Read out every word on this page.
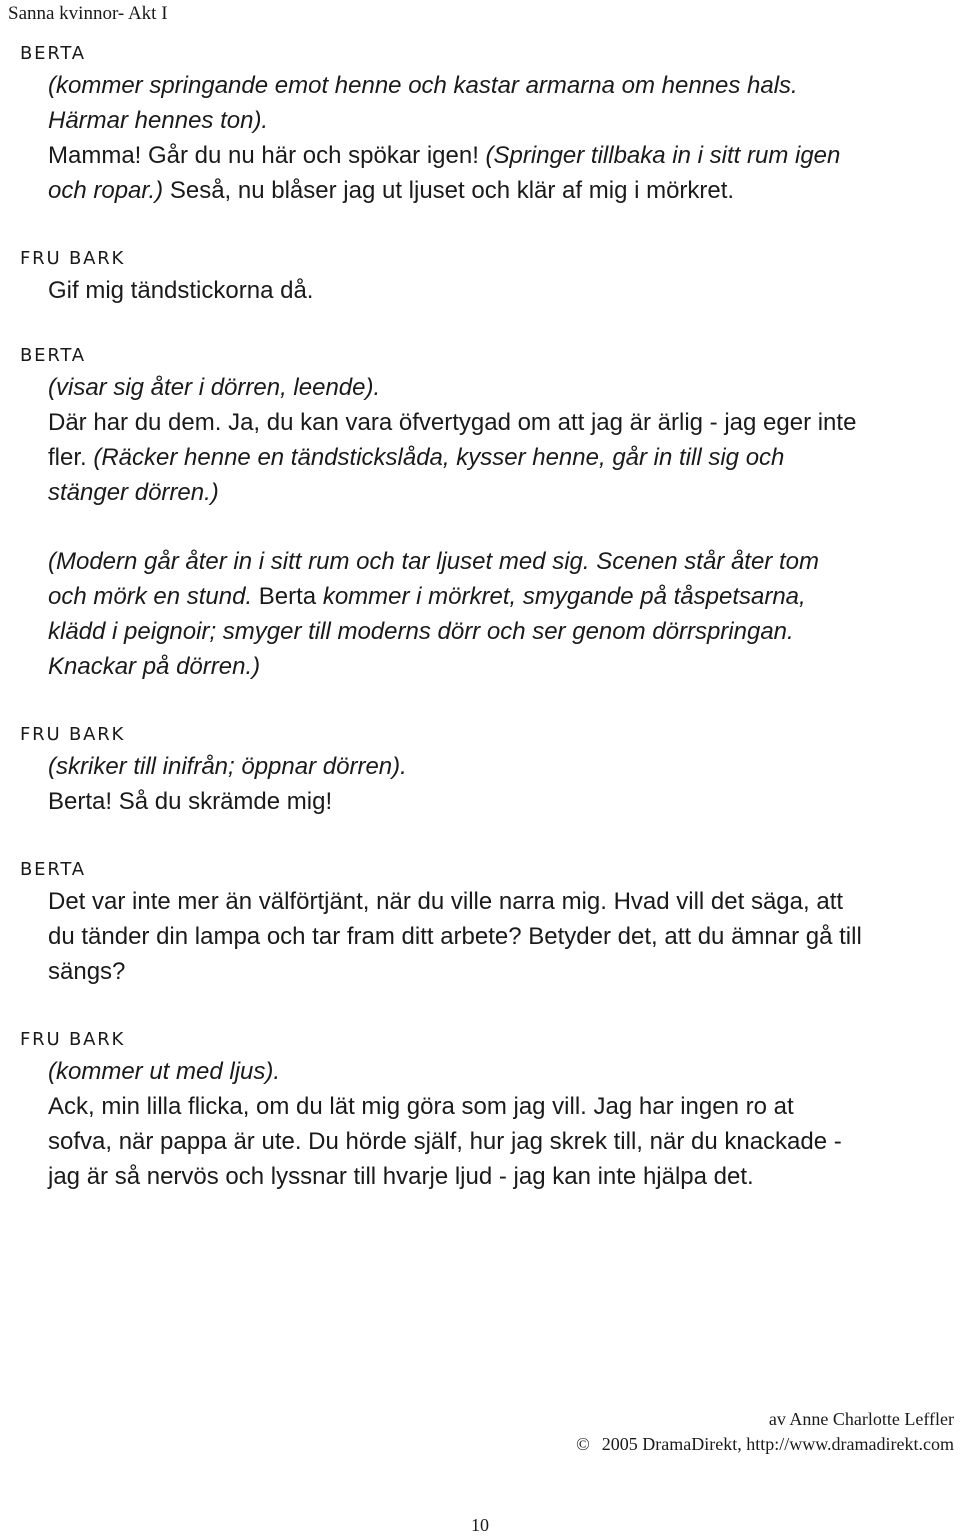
Sanna kvinnor- Akt I
BERTA
(kommer springande emot henne och kastar armarna om hennes hals.
Härmar hennes ton).
Mamma! Går du nu här och spökar igen! (Springer tillbaka in i sitt rum igen
och ropar.) Seså, nu blåser jag ut ljuset och klär af mig i mörkret.
FRU BARK
Gif mig tändstickorna då.
BERTA
(visar sig åter i dörren, leende).
Där har du dem. Ja, du kan vara öfvertygad om att jag är ärlig - jag eger inte
fler. (Räcker henne en tändstickslåda, kysser henne, går in till sig och
stänger dörren.)
(Modern går åter in i sitt rum och tar ljuset med sig. Scenen står åter tom
och mörk en stund. Berta kommer i mörkret, smygande på tåspetsarna,
klädd i peignoir; smyger till moderns dörr och ser genom dörrspringan.
Knackar på dörren.)
FRU BARK
(skriker till inifrån; öppnar dörren).
Berta! Så du skrämde mig!
BERTA
Det var inte mer än välförtjänt, när du ville narra mig. Hvad vill det säga, att
du tänder din lampa och tar fram ditt arbete? Betyder det, att du ämnar gå till
sängs?
FRU BARK
(kommer ut med ljus).
Ack, min lilla flicka, om du lät mig göra som jag vill. Jag har ingen ro at
sofva, när pappa är ute. Du hörde själf, hur jag skrek till, när du knackade -
jag är så nervös och lyssnar till hvarje ljud - jag kan inte hjälpa det.
av Anne Charlotte Leffler
© 2005 DramaDirekt, http://www.dramadirekt.com
10
